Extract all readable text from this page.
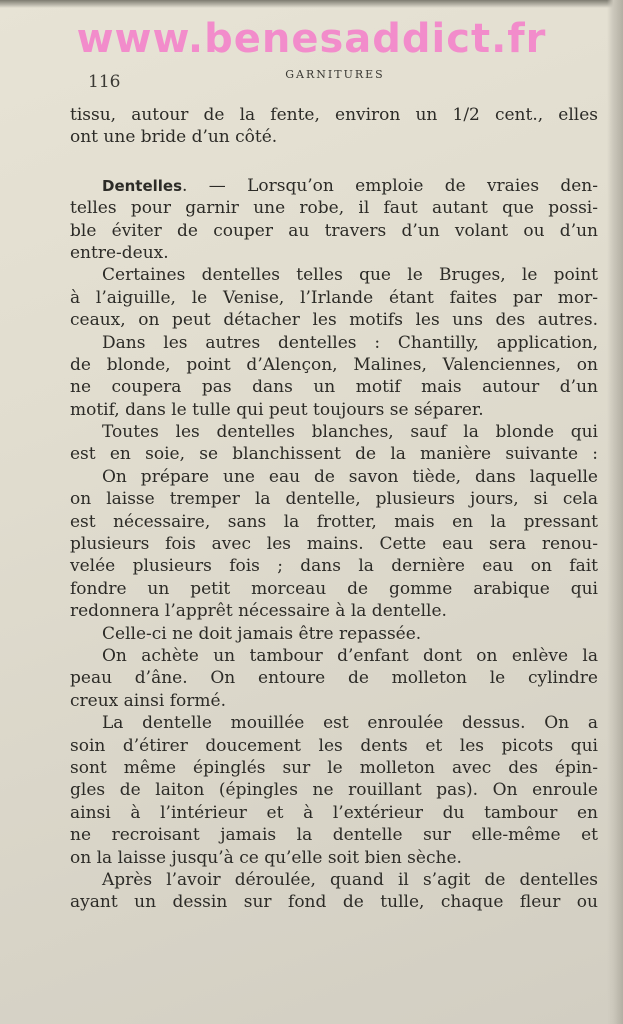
www.benesaddict.fr
116	GARNITURES
tissu, autour de la fente, environ un 1/2 cent., elles
ont une bride d’un côté.
Dentelles. — Lorsqu’on emploie de vraies den-
telles pour garnir une robe, il faut autant que possi-
ble éviter de couper au travers d’un volant ou d’un
entre-deux.
Certaines dentelles telles que le Bruges, le point
à l’aiguille, le Venise, l’Irlande étant faites par mor-
ceaux, on peut détacher les motifs les uns des autres.
Dans les autres dentelles : Chantilly, application,
de blonde, point d’Alençon, Malines, Valenciennes, on
ne coupera pas dans un motif mais autour d’un
motif, dans le tulle qui peut toujours se séparer.
Toutes les dentelles blanches, sauf la blonde qui
est en soie, se blanchissent de la manière suivante :
On prépare une eau de savon tiède, dans laquelle
on laisse tremper la dentelle, plusieurs jours, si cela
est nécessaire, sans la frotter, mais en la pressant
plusieurs fois avec les mains. Cette eau sera renou-
velée plusieurs fois ; dans la dernière eau on fait
fondre un petit morceau de gomme arabique qui
redonnera l’apprêt nécessaire à la dentelle.
Celle-ci ne doit jamais être repassée.
On achète un tambour d’enfant dont on enlève la
peau d’âne. On entoure de molleton le cylindre
creux ainsi formé.
La dentelle mouillée est enroulée dessus. On a
soin d’étirer doucement les dents et les picots qui
sont même épinglés sur le molleton avec des épin-
gles de laiton (épingles ne rouillant pas). On enroule
ainsi à l’intérieur et à l’extérieur du tambour en
ne recroisant jamais la dentelle sur elle-même et
on la laisse jusqu’à ce qu’elle soit bien sèche.
Après l’avoir déroulée, quand il s’agit de dentelles
ayant un dessin sur fond de tulle, chaque fleur ou
